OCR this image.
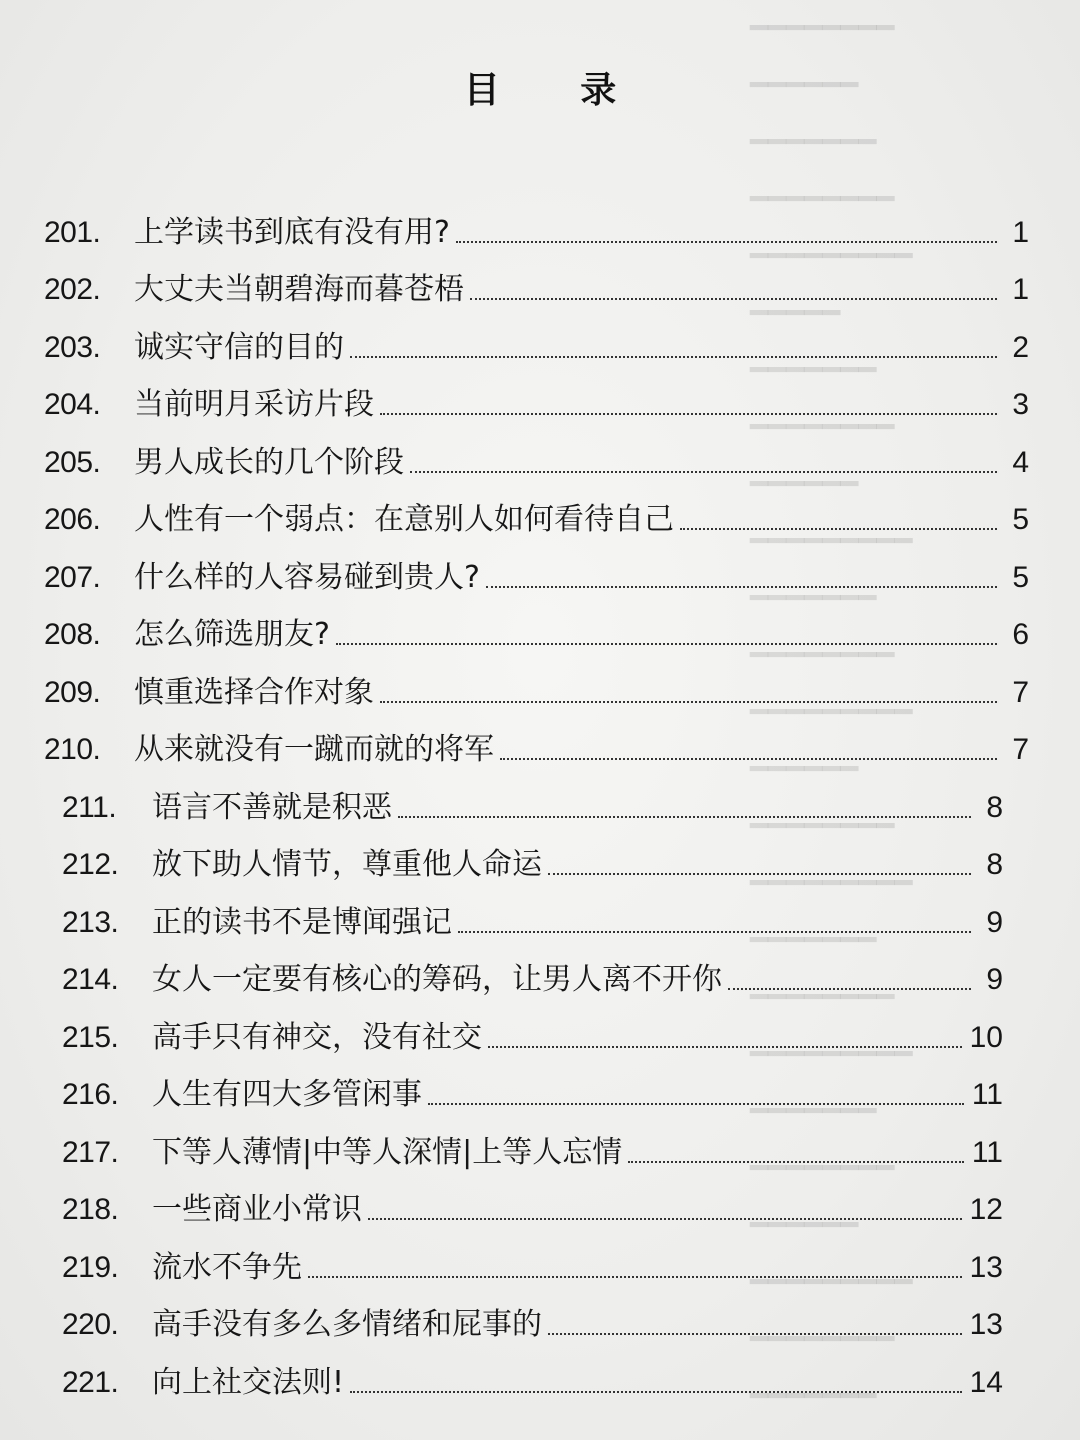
━━━━━━━━
━━━━━━
━━━━━━━
━━━━━━━━
━━━━━━━━━
━━━━━
━━━━━━━
━━━━━━━━
━━━━━━
━━━━━━━━━
━━━━━━━
━━━━━━━━
━━━━━━━━━
━━━━━━
━━━━━━━━
━━━━━━━━━
━━━━━━━
━━━━━━━━
━━━━━━━━━
━━━━━━━
━━━━━━━━
━━━━━━
━━━━━━━━━
━━━━━━━━
━━━━━━━
目 录
201.	上学读书到底有没有用?	1
202.	大丈夫当朝碧海而暮苍梧	1
203.	诚实守信的目的	2
204.	当前明月采访片段	3
205.	男人成长的几个阶段	4
206.	人性有一个弱点：在意别人如何看待自己	5
207.	什么样的人容易碰到贵人?	5
208.	怎么筛选朋友?	6
209.	慎重选择合作对象	7
210.	从来就没有一蹴而就的将军	7
211.	语言不善就是积恶	8
212.	放下助人情节，尊重他人命运	8
213.	正的读书不是博闻强记	9
214.	女人一定要有核心的筹码，让男人离不开你	9
215.	高手只有神交，没有社交	10
216.	人生有四大多管闲事	11
217.	下等人薄情|中等人深情|上等人忘情	11
218.	一些商业小常识	12
219.	流水不争先	13
220.	高手没有多么多情绪和屁事的	13
221.	向上社交法则!	14
